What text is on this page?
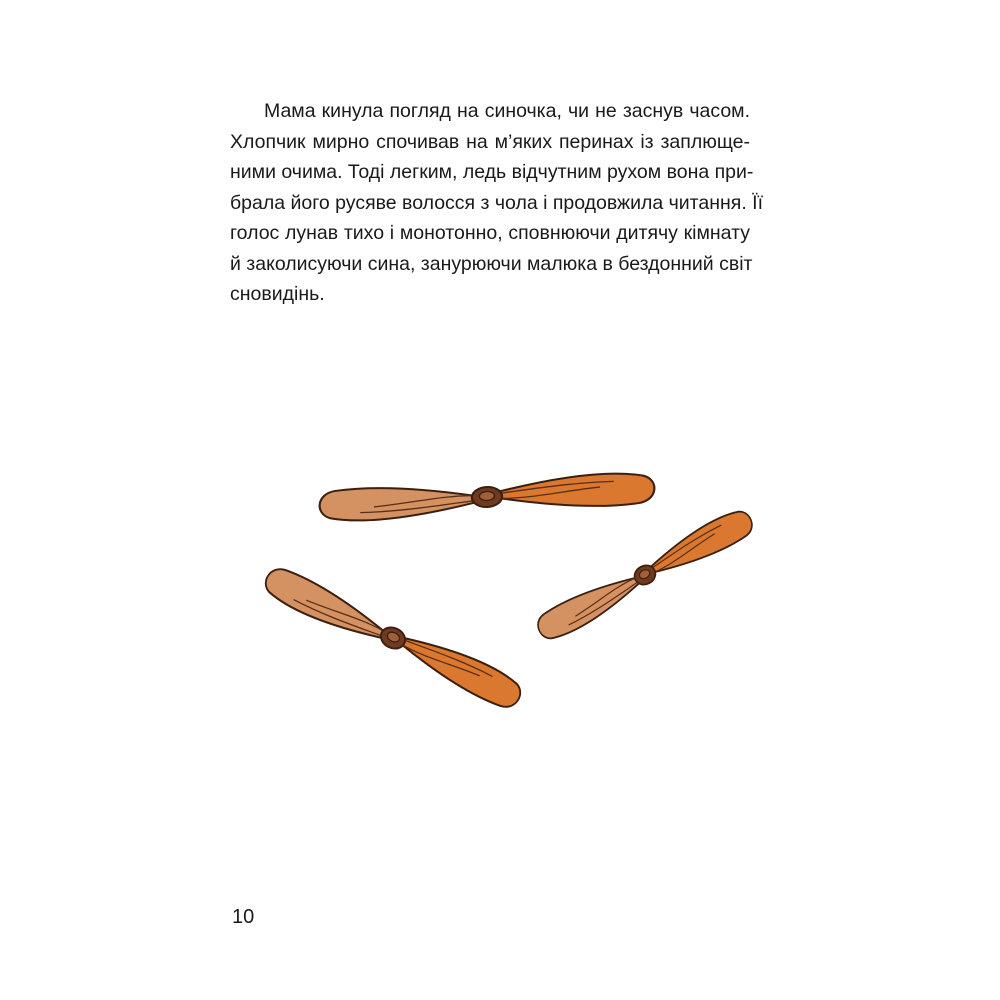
Мама кинула погляд на синочка, чи не заснув часом.
Хлопчик мирно спочивав на м’яких перинах із заплюще-
ними очима. Тоді легким, ледь відчутним рухом вона при-
брала його русяве волосся з чола і продовжила читання. Її
голос лунав тихо і монотонно, сповнюючи дитячу кімнату
й заколисуючи сина, занурюючи малюка в бездонний світ
сновидінь.
10
